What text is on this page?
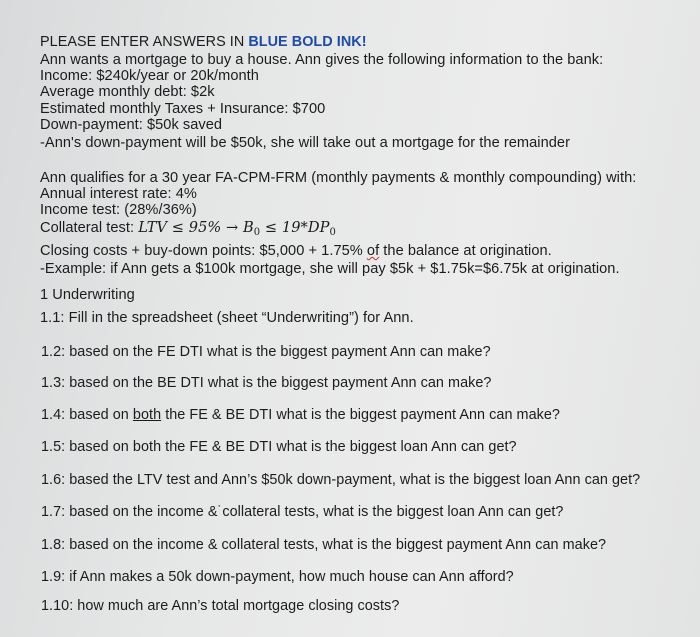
PLEASE ENTER ANSWERS IN BLUE BOLD INK!
Ann wants a mortgage to buy a house. Ann gives the following information to the bank:
Income: $240k/year or 20k/month
Average monthly debt: $2k
Estimated monthly Taxes + Insurance: $700
Down-payment: $50k saved
-Ann's down-payment will be $50k, she will take out a mortgage for the remainder
Ann qualifies for a 30 year FA-CPM-FRM (monthly payments & monthly compounding) with:
Annual interest rate: 4%
Income test: (28%/36%)
Collateral test: LTV ≤ $95\% \to B_0 \le 19*DP_0$
Closing costs + buy-down points: $5,000 + 1.75% of the balance at origination.
-Example: if Ann gets a $100k mortgage, she will pay $5k + $1.75k=$6.75k at origination.
1 Underwriting
1.1: Fill in the spreadsheet (sheet “Underwriting”) for Ann.
1.2: based on the FE DTI what is the biggest payment Ann can make?
1.3: based on the BE DTI what is the biggest payment Ann can make?
1.4: based on both the FE & BE DTI what is the biggest payment Ann can make?
1.5: based on both the FE & BE DTI what is the biggest loan Ann can get?
1.6: based the LTV test and Ann’s $50k down-payment, what is the biggest loan Ann can get?
1.7: based on the income &˙collateral tests, what is the biggest loan Ann can get?
1.8: based on the income & collateral tests, what is the biggest payment Ann can make?
1.9: if Ann makes a 50k down-payment, how much house can Ann afford?
1.10: how much are Ann’s total mortgage closing costs?
